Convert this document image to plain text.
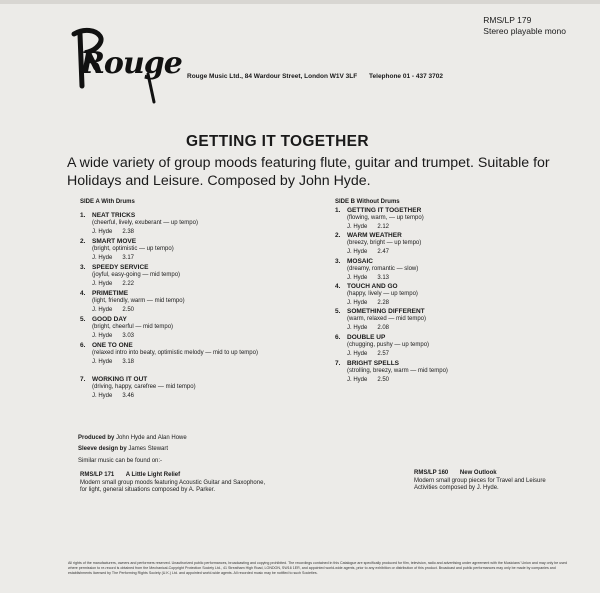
Rouge
RMS/LP 179
Stereo playable mono
Rouge Music Ltd., 84 Wardour Street, London W1V 3LF Telephone 01 - 437 3702
GETTING IT TOGETHER
A wide variety of group moods featuring flute, guitar and trumpet. Suitable for Holidays and Leisure. Composed by John Hyde.
SIDE A With Drums
1. NEAT TRICKS
(cheerful, lively, exuberant — up tempo)
J. Hyde 2.38
2. SMART MOVE
(bright, optimistic — up tempo)
J. Hyde 3.17
3. SPEEDY SERVICE
(joyful, easy-going — mid tempo)
J. Hyde 2.22
4. PRIMETIME
(light, friendly, warm — mid tempo)
J. Hyde 2.50
5. GOOD DAY
(bright, cheerful — mid tempo)
J. Hyde 3.03
6. ONE TO ONE
(relaxed intro into beaty, optimistic melody — mid to up tempo)
J. Hyde 3.18
7. WORKING IT OUT
(driving, happy, carefree — mid tempo)
J. Hyde 3.46
SIDE B Without Drums
1. GETTING IT TOGETHER
(flowing, warm, — up tempo)
J. Hyde 2.12
2. WARM WEATHER
(breezy, bright — up tempo)
J. Hyde 2.47
3. MOSAIC
(dreamy, romantic — slow)
J. Hyde 3.13
4. TOUCH AND GO
(happy, lively — up tempo)
J. Hyde 2.28
5. SOMETHING DIFFERENT
(warm, relaxed — mid tempo)
J. Hyde 2.08
6. DOUBLE UP
(chugging, pushy — up tempo)
J. Hyde 2.57
7. BRIGHT SPELLS
(strolling, breezy, warm — mid tempo)
J. Hyde 2.50
Produced by John Hyde and Alan Howe
Sleeve design by James Stewart
Similar music can be found on:-
RMS/LP 171 A Little Light Relief
Modern small group moods featuring Acoustic Guitar and Saxophone, for light, general situations composed by A. Parker.
RMS/LP 160 New Outlook
Modern small group pieces for Travel and Leisure Activities composed by J. Hyde.
All rights of the manufacturers, owners and performers reserved. Unauthorized public performances, broadcasting and copying prohibited. The recordings contained in this Catalogue are specifically produced for film, television, radio and advertising under agreement with the Musicians' Union and may only be used where permission to re-record is obtained from the Mechanical-Copyright Protection Society Ltd., 41 Streatham High Road, LONDON, SW16 1ER, and appointed world-wide agents, prior to any exhibition or distribution of this product. Broadcast and public performances may only be made by companies and establishments licensed by The Performing Rights Society (U.K.) Ltd. and appointed world-wide agents. All recorded music may be notified to such Societies.
